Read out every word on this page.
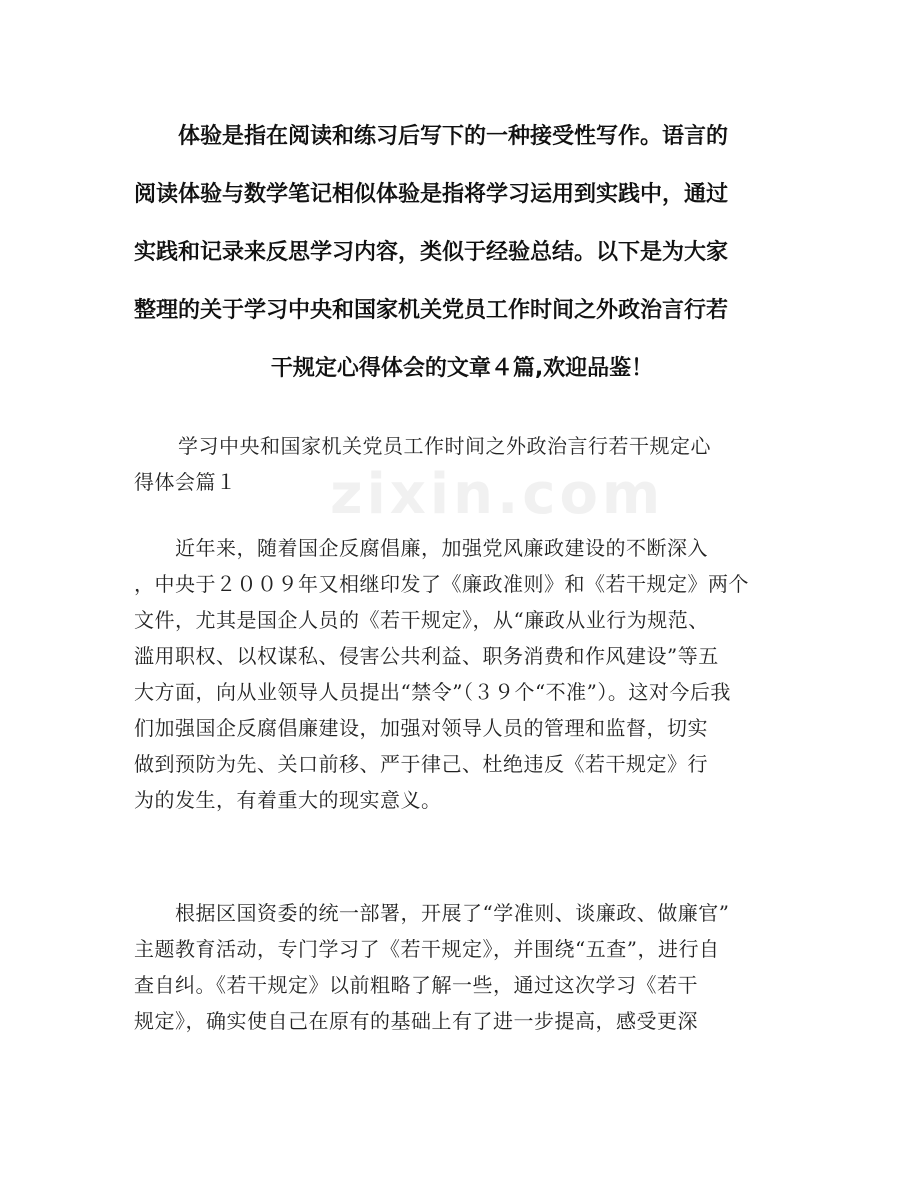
体验是指在阅读和练习后写下的一种接受性写作。语言的
阅读体验与数学笔记相似体验是指将学习运用到实践中，通过
实践和记录来反思学习内容，类似于经验总结。以下是为大家
整理的关于学习中央和国家机关党员工作时间之外政治言行若
干规定心得体会的文章４篇,欢迎品鉴！
学习中央和国家机关党员工作时间之外政治言行若干规定心
得体会篇１
　　近年来，随着国企反腐倡廉，加强党风廉政建设的不断深入
，中央于２００９年又相继印发了《廉政准则》和《若干规定》两个
文件，尤其是国企人员的《若干规定》，从“廉政从业行为规范、
滥用职权、以权谋私、侵害公共利益、职务消费和作风建设”等五
大方面，向从业领导人员提出“禁令”（３９个“不准”）。这对今后我
们加强国企反腐倡廉建设，加强对领导人员的管理和监督，切实
做到预防为先、关口前移、严于律己、杜绝违反《若干规定》行
为的发生，有着重大的现实意义。
　　根据区国资委的统一部署，开展了“学准则、谈廉政、做廉官”
主题教育活动，专门学习了《若干规定》，并围绕“五查”，进行自
查自纠。《若干规定》以前粗略了解一些，通过这次学习《若干
规定》，确实使自己在原有的基础上有了进一步提高，感受更深
zixin.com
